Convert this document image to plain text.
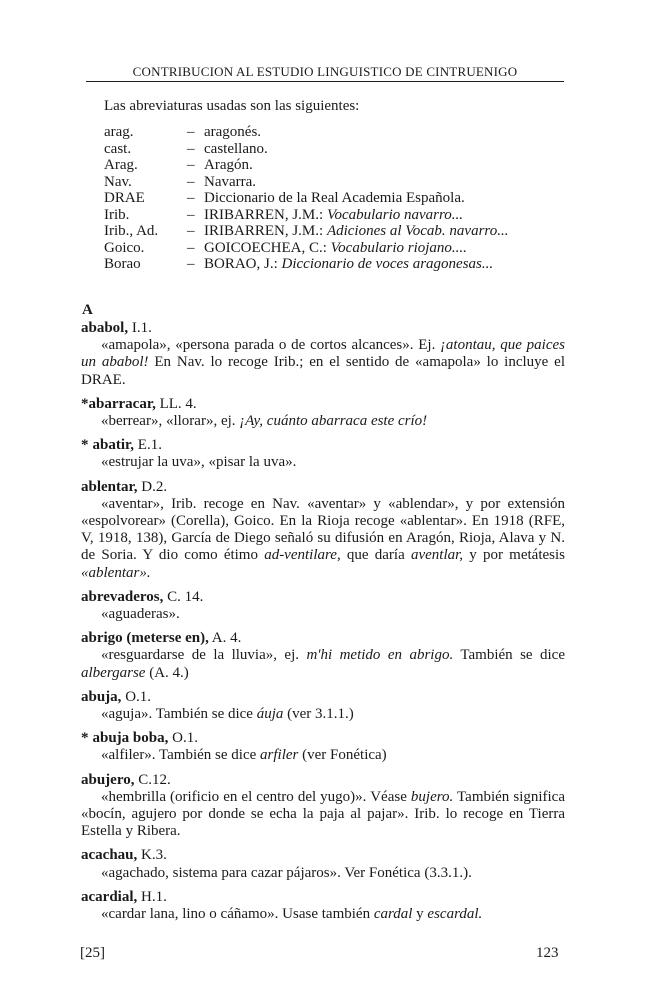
CONTRIBUCION AL ESTUDIO LINGUISTICO DE CINTRUENIGO
Las abreviaturas usadas son las siguientes:
arag.	– aragonés.
cast.	– castellano.
Arag.	– Aragón.
Nav.	– Navarra.
DRAE	– Diccionario de la Real Academia Española.
Irib.	– IRIBARREN, J.M.: Vocabulario navarro...
Irib., Ad.	– IRIBARREN, J.M.: Adiciones al Vocab. navarro...
Goico.	– GOICOECHEA, C.: Vocabulario riojano....
Borao	– BORAO, J.: Diccionario de voces aragonesas...
A
ababol, I.1.
«amapola», «persona parada o de cortos alcances». Ej. ¡atontau, que paices un ababol! En Nav. lo recoge Irib.; en el sentido de «amapola» lo incluye el DRAE.
*abarracar, LL. 4.
«berrear», «llorar», ej. ¡Ay, cuánto abarraca este crío!
* abatir, E.1.
«estrujar la uva», «pisar la uva».
ablentar, D.2.
«aventar», Irib. recoge en Nav. «aventar» y «ablendar», y por extensión «espolvorear» (Corella), Goico. En la Rioja recoge «ablentar». En 1918 (RFE, V, 1918, 138), García de Diego señaló su difusión en Aragón, Rioja, Alava y N. de Soria. Y dio como étimo ad-ventilare, que daría aventlar, y por metátesis «ablentar».
abrevaderos, C. 14.
«aguaderas».
abrigo (meterse en), A. 4.
«resguardarse de la lluvia», ej. m'hi metido en abrigo. También se dice albergarse (A. 4.)
abuja, O.1.
«aguja». También se dice áuja (ver 3.1.1.)
* abuja boba, O.1.
«alfiler». También se dice arfiler (ver Fonética)
abujero, C.12.
«hembrilla (orificio en el centro del yugo)». Véase bujero. También significa «bocín, agujero por donde se echa la paja al pajar». Irib. lo recoge en Tierra Estella y Ribera.
acachau, K.3.
«agachado, sistema para cazar pájaros». Ver Fonética (3.3.1.).
acardial, H.1.
«cardar lana, lino o cáñamo». Usase también cardal y escardal.
[25]	123
